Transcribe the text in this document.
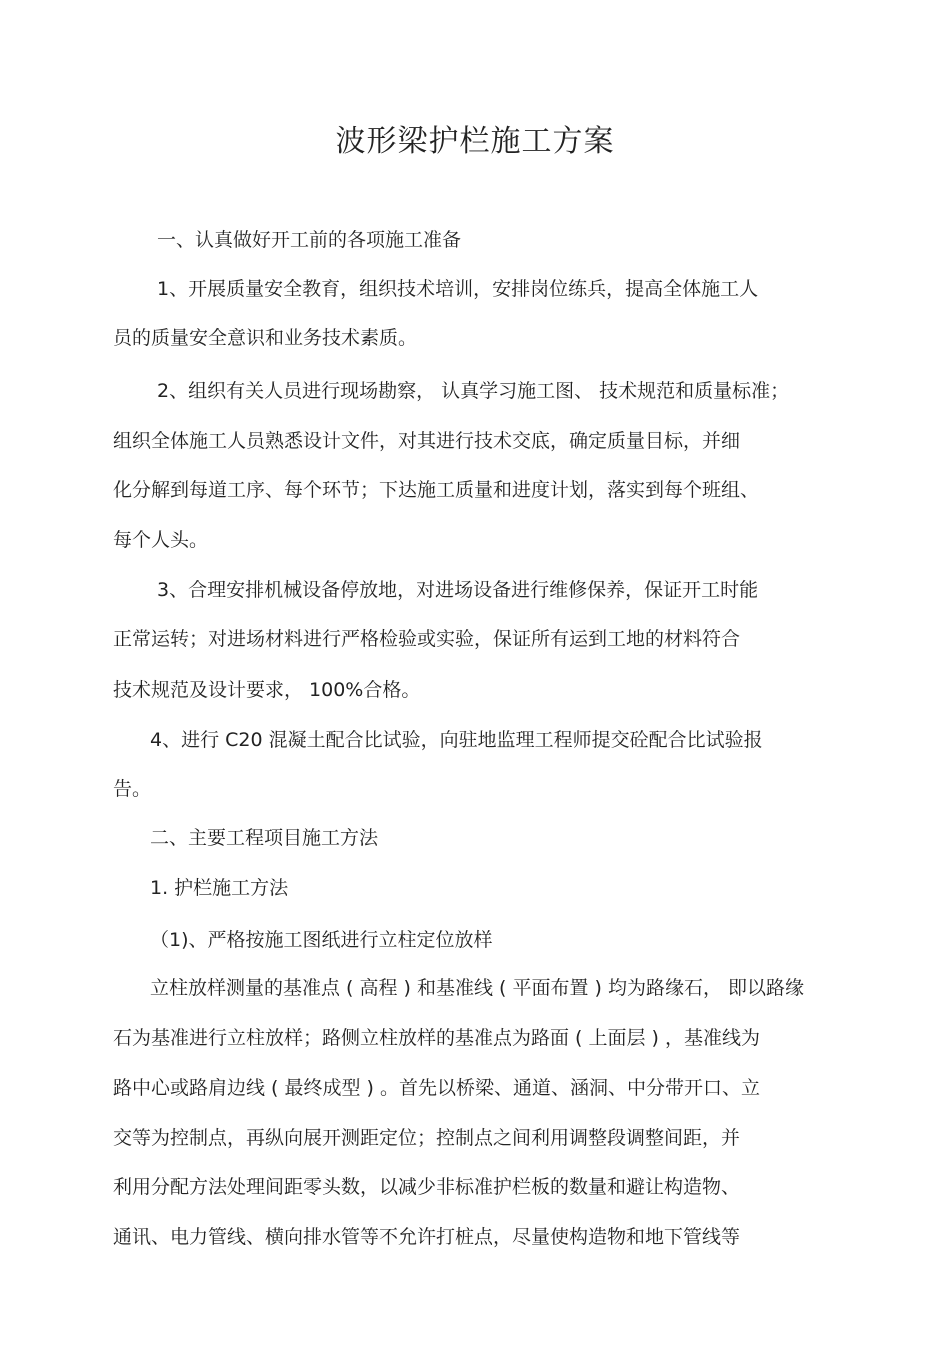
波形梁护栏施工方案
一、认真做好开工前的各项施工准备
1、开展质量安全教育，组织技术培训，安排岗位练兵，提高全体施工人
员的质量安全意识和业务技术素质。
2、组织有关人员进行现场勘察， 认真学习施工图、 技术规范和质量标准；
组织全体施工人员熟悉设计文件，对其进行技术交底，确定质量目标，并细
化分解到每道工序、每个环节；下达施工质量和进度计划，落实到每个班组、
每个人头。
3、合理安排机械设备停放地，对进场设备进行维修保养，保证开工时能
正常运转；对进场材料进行严格检验或实验，保证所有运到工地的材料符合
技术规范及设计要求， 100%合格。
4、进行 C20 混凝土配合比试验，向驻地监理工程师提交砼配合比试验报
告。
二、主要工程项目施工方法
1. 护栏施工方法
（1)、严格按施工图纸进行立柱定位放样
立柱放样测量的基准点 ( 高程 ) 和基准线 ( 平面布置 ) 均为路缘石， 即以路缘
石为基准进行立柱放样；路侧立柱放样的基准点为路面 ( 上面层 ) ，基准线为
路中心或路肩边线 ( 最终成型 ) 。首先以桥梁、通道、涵洞、中分带开口、立
交等为控制点，再纵向展开测距定位；控制点之间利用调整段调整间距，并
利用分配方法处理间距零头数，以减少非标准护栏板的数量和避让构造物、
通讯、电力管线、横向排水管等不允许打桩点，尽量使构造物和地下管线等
